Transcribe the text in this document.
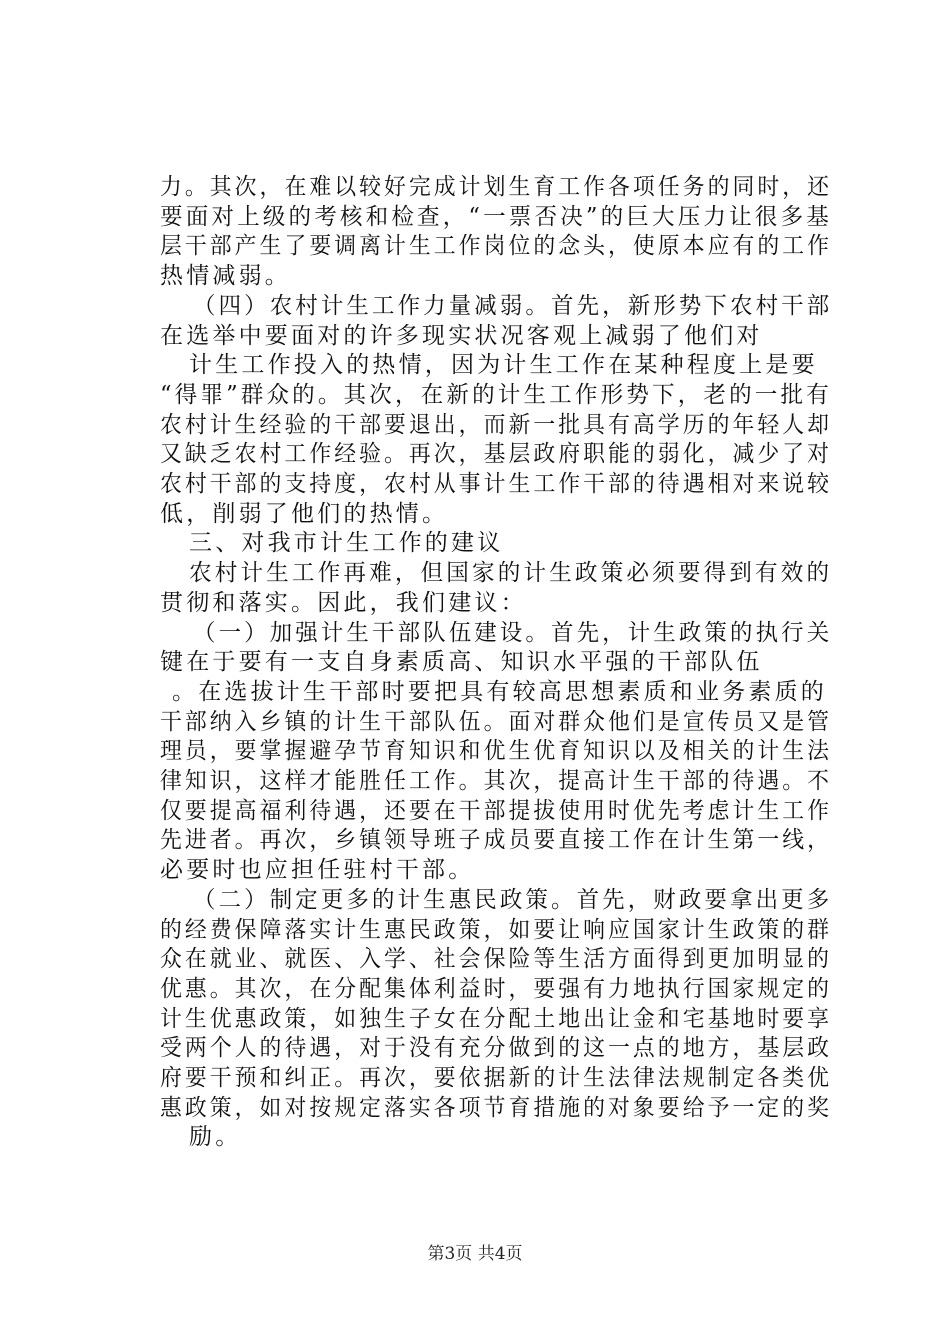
力。其次，在难以较好完成计划生育工作各项任务的同时，还
要面对上级的考核和检查，“一票否决”的巨大压力让很多基
层干部产生了要调离计生工作岗位的念头，使原本应有的工作
热情减弱。
（四）农村计生工作力量减弱。首先，新形势下农村干部
在选举中要面对的许多现实状况客观上减弱了他们对
计生工作投入的热情，因为计生工作在某种程度上是要
“得罪”群众的。其次，在新的计生工作形势下，老的一批有
农村计生经验的干部要退出，而新一批具有高学历的年轻人却
又缺乏农村工作经验。再次，基层政府职能的弱化，减少了对
农村干部的支持度，农村从事计生工作干部的待遇相对来说较
低，削弱了他们的热情。
三、对我市计生工作的建议
农村计生工作再难，但国家的计生政策必须要得到有效的
贯彻和落实。因此，我们建议：
（一）加强计生干部队伍建设。首先，计生政策的执行关
键在于要有一支自身素质高、知识水平强的干部队伍
。在选拔计生干部时要把具有较高思想素质和业务素质的
干部纳入乡镇的计生干部队伍。面对群众他们是宣传员又是管
理员，要掌握避孕节育知识和优生优育知识以及相关的计生法
律知识，这样才能胜任工作。其次，提高计生干部的待遇。不
仅要提高福利待遇，还要在干部提拔使用时优先考虑计生工作
先进者。再次，乡镇领导班子成员要直接工作在计生第一线，
必要时也应担任驻村干部。
（二）制定更多的计生惠民政策。首先，财政要拿出更多
的经费保障落实计生惠民政策，如要让响应国家计生政策的群
众在就业、就医、入学、社会保险等生活方面得到更加明显的
优惠。其次，在分配集体利益时，要强有力地执行国家规定的
计生优惠政策，如独生子女在分配土地出让金和宅基地时要享
受两个人的待遇，对于没有充分做到的这一点的地方，基层政
府要干预和纠正。再次，要依据新的计生法律法规制定各类优
惠政策，如对按规定落实各项节育措施的对象要给予一定的奖
励。
第3页 共4页
